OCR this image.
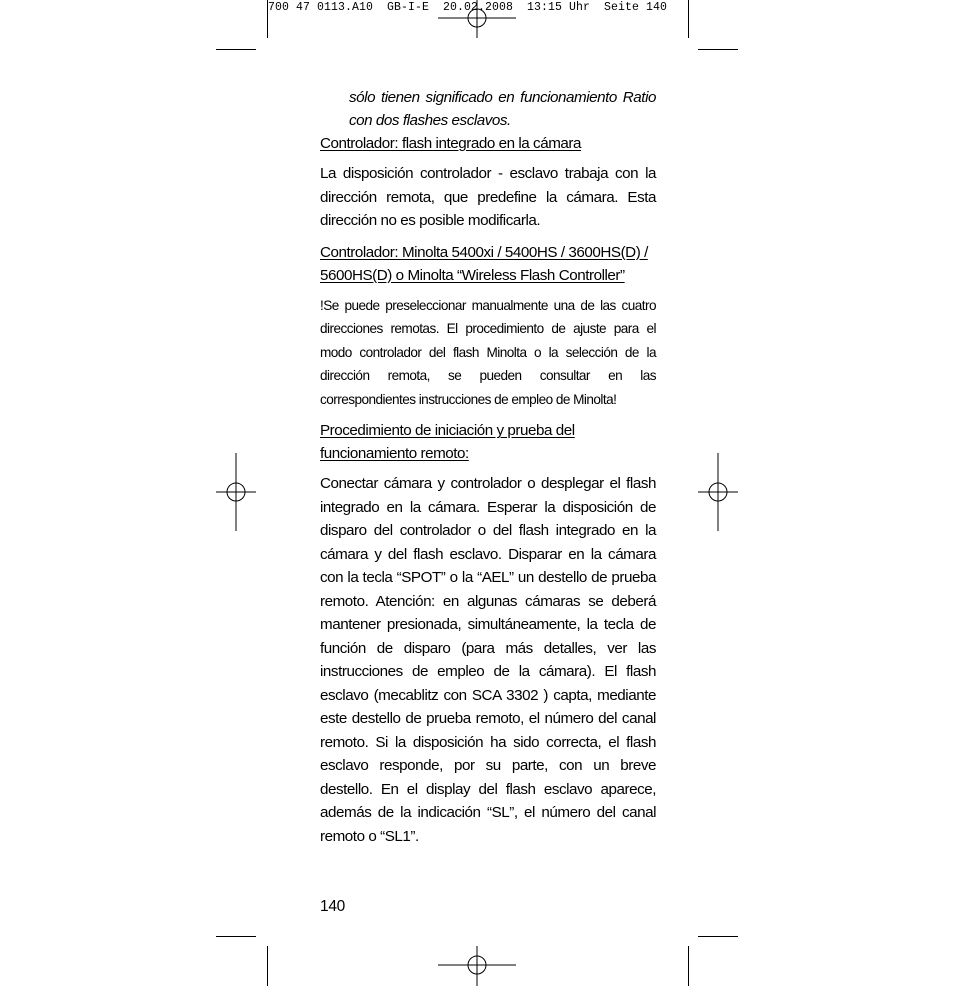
700 47 0113.A10  GB-I-E  20.02.2008  13:15 Uhr  Seite 140

sólo tienen significado en funcionamiento Ratio con dos flashes esclavos.

Controlador: flash integrado en la cámara

La disposición controlador - esclavo trabaja con la dirección remota, que predefine la cámara. Esta dirección no es posible modificarla.

Controlador: Minolta 5400xi / 5400HS / 3600HS(D) / 5600HS(D) o Minolta “Wireless Flash Controller”

!Se puede preseleccionar manualmente una de las cuatro direcciones remotas. El procedimiento de ajuste para el modo controlador del flash Minolta o la selección de la dirección remota, se pueden consultar en las correspondientes instrucciones de empleo de Minolta!

Procedimiento de iniciación y prueba del funcionamiento remoto:

Conectar cámara y controlador o desplegar el flash integrado en la cámara. Esperar la disposición de disparo del controlador o del flash integrado en la cámara y del flash esclavo. Disparar en la cámara con la tecla “SPOT” o la “AEL” un destello de prueba remoto. Atención: en algunas cámaras se deberá mantener presionada, simultáneamente, la tecla de función de disparo (para más detalles, ver las instrucciones de empleo de la cámara). El flash esclavo (mecablitz con SCA 3302 ) capta, mediante este destello de prueba remoto, el número del canal remoto. Si la disposición ha sido correcta, el flash esclavo responde, por su parte, con un breve destello. En el display del flash esclavo aparece, además de la indicación “SL”, el número del canal remoto o “SL1”.

140
